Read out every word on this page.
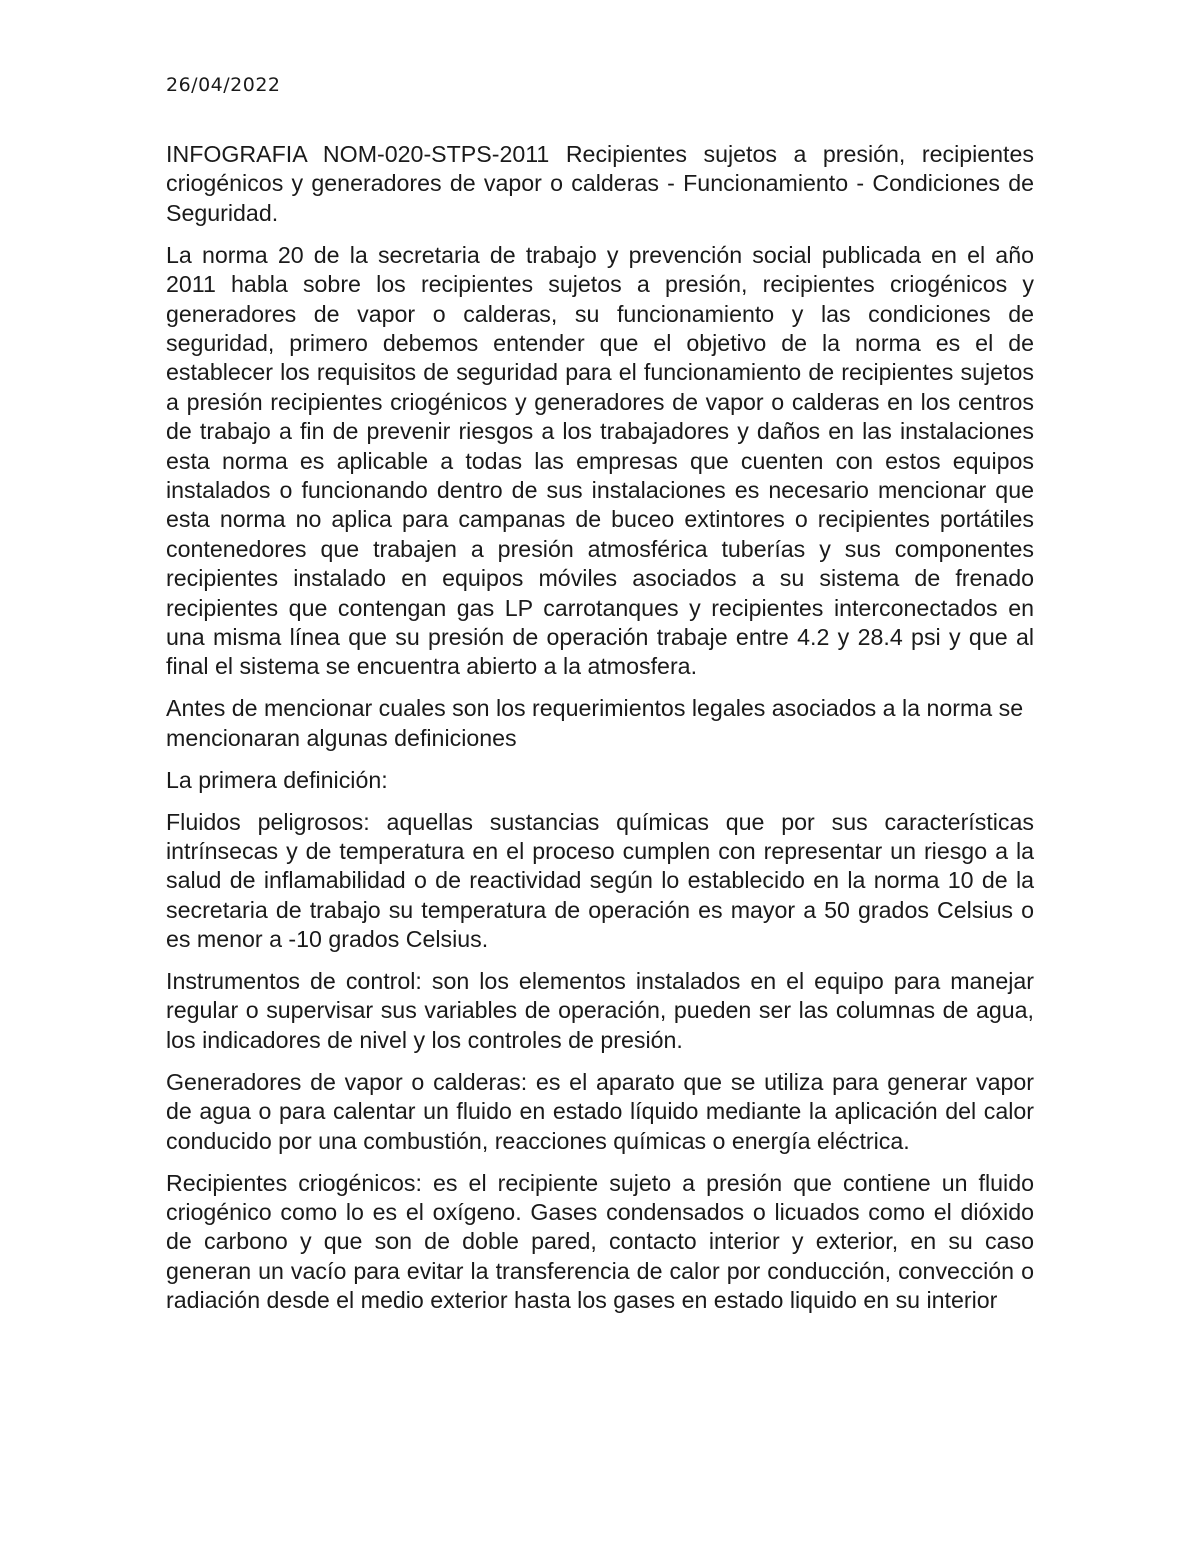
26/04/2022

INFOGRAFIA NOM-020-STPS-2011 Recipientes sujetos a presión, recipientes criogénicos y generadores de vapor o calderas - Funcionamiento - Condiciones de Seguridad.

La norma 20 de la secretaria de trabajo y prevención social publicada en el año 2011 habla sobre los recipientes sujetos a presión, recipientes criogénicos y generadores de vapor o calderas, su funcionamiento y las condiciones de seguridad, primero debemos entender que el objetivo de la norma es el de establecer los requisitos de seguridad para el funcionamiento de recipientes sujetos a presión recipientes criogénicos y generadores de vapor o calderas en los centros de trabajo a fin de prevenir riesgos a los trabajadores y daños en las instalaciones esta norma es aplicable a todas las empresas que cuenten con estos equipos instalados o funcionando dentro de sus instalaciones es necesario mencionar que esta norma no aplica para campanas de buceo extintores o recipientes portátiles contenedores que trabajen a presión atmosférica tuberías y sus componentes recipientes instalado en equipos móviles asociados a su sistema de frenado recipientes que contengan gas LP carrotanques y recipientes interconectados en una misma línea que su presión de operación trabaje entre 4.2 y 28.4 psi y que al final el sistema se encuentra abierto a la atmosfera.

Antes de mencionar cuales son los requerimientos legales asociados a la norma se mencionaran algunas definiciones

La primera definición:

Fluidos peligrosos: aquellas sustancias químicas que por sus características intrínsecas y de temperatura en el proceso cumplen con representar un riesgo a la salud de inflamabilidad o de reactividad según lo establecido en la norma 10 de la secretaria de trabajo su temperatura de operación es mayor a 50 grados Celsius o es menor a -10 grados Celsius.

Instrumentos de control: son los elementos instalados en el equipo para manejar regular o supervisar sus variables de operación, pueden ser las columnas de agua, los indicadores de nivel y los controles de presión.

Generadores de vapor o calderas: es el aparato que se utiliza para generar vapor de agua o para calentar un fluido en estado líquido mediante la aplicación del calor conducido por una combustión, reacciones químicas o energía eléctrica.

Recipientes criogénicos: es el recipiente sujeto a presión que contiene un fluido criogénico como lo es el oxígeno. Gases condensados o licuados como el dióxido de carbono y que son de doble pared, contacto interior y exterior, en su caso generan un vacío para evitar la transferencia de calor por conducción, convección o radiación desde el medio exterior hasta los gases en estado liquido en su interior
